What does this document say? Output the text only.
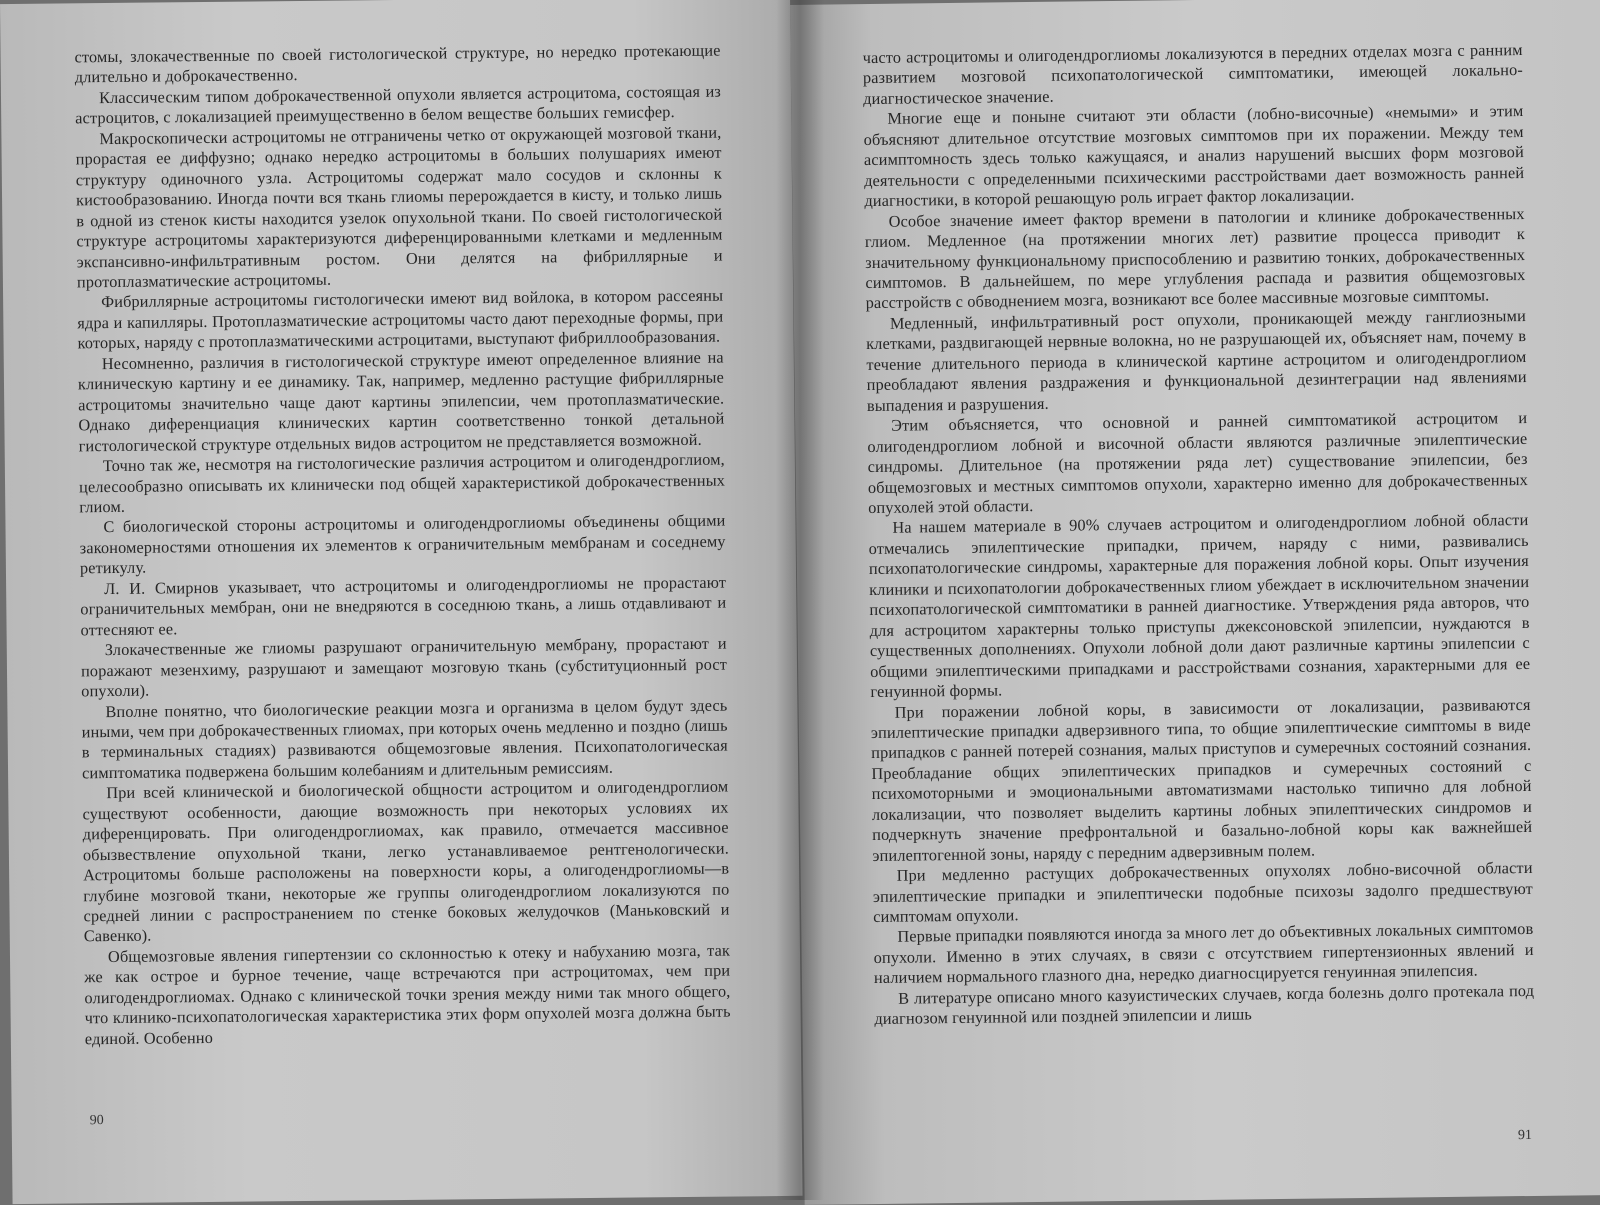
стомы, злокачественные по своей гистологической структуре, но нередко протекающие длительно и доброкачественно.

Классическим типом доброкачественной опухоли является астроцитома, состоящая из астроцитов, с локализацией преимущественно в белом веществе больших гемисфер.

Макроскопически астроцитомы не отграничены четко от окружающей мозговой ткани, прорастая ее диффузно; однако нередко астроцитомы в больших полушариях имеют структуру одиночного узла. Астроцитомы содержат мало сосудов и склонны к кистообразованию. Иногда почти вся ткань глиомы перерождается в кисту, и только лишь в одной из стенок кисты находится узелок опухольной ткани. По своей гистологической структуре астроцитомы характеризуются диференцированными клетками и медленным экспансивно-инфильтративным ростом. Они делятся на фибриллярные и протоплазматические астроцитомы.

Фибриллярные астроцитомы гистологически имеют вид войлока, в котором рассеяны ядра и капилляры. Протоплазматические астроцитомы часто дают переходные формы, при которых, наряду с протоплазматическими астроцитами, выступают фибриллообразования.

Несомненно, различия в гистологической структуре имеют определенное влияние на клиническую картину и ее динамику. Так, например, медленно растущие фибриллярные астроцитомы значительно чаще дают картины эпилепсии, чем протоплазматические. Однако диференциация клинических картин соответственно тонкой детальной гистологической структуре отдельных видов астроцитом не представляется возможной.

Точно так же, несмотря на гистологические различия астроцитом и олигодендроглиом, целесообразно описывать их клинически под общей характеристикой доброкачественных глиом.

С биологической стороны астроцитомы и олигодендроглиомы объединены общими закономерностями отношения их элементов к ограничительным мембранам и соседнему ретикулу.

Л. И. Смирнов указывает, что астроцитомы и олигодендроглиомы не прорастают ограничительных мембран, они не внедряются в соседнюю ткань, а лишь отдавливают и оттесняют ее.

Злокачественные же глиомы разрушают ограничительную мембрану, прорастают и поражают мезенхиму, разрушают и замещают мозговую ткань (субституционный рост опухоли).

Вполне понятно, что биологические реакции мозга и организма в целом будут здесь иными, чем при доброкачественных глиомах, при которых очень медленно и поздно (лишь в терминальных стадиях) развиваются общемозговые явления. Психопатологическая симптоматика подвержена большим колебаниям и длительным ремиссиям.

При всей клинической и биологической общности астроцитом и олигодендроглиом существуют особенности, дающие возможность при некоторых условиях их диференцировать. При олигодендроглиомах, как правило, отмечается массивное обызвествление опухольной ткани, легко устанавливаемое рентгенологически. Астроцитомы больше расположены на поверхности коры, а олигодендроглиомы—в глубине мозговой ткани, некоторые же группы олигодендроглиом локализуются по средней линии с распространением по стенке боковых желудочков (Маньковский и Савенко).

Общемозговые явления гипертензии со склонностью к отеку и набуханию мозга, так же как острое и бурное течение, чаще встречаются при астроцитомах, чем при олигодендроглиомах. Однако с клинической точки зрения между ними так много общего, что клинико-психопатологическая характеристика этих форм опухолей мозга должна быть единой. Особенно

90

часто астроцитомы и олигодендроглиомы локализуются в передних отделах мозга с ранним развитием мозговой психопатологической симптоматики, имеющей локально- диагностическое значение.

Многие еще и поныне считают эти области (лобно-височные) «немыми» и этим объясняют длительное отсутствие мозговых симптомов при их поражении. Между тем асимптомность здесь только кажущаяся, и анализ нарушений высших форм мозговой деятельности с определенными психическими расстройствами дает возможность ранней диагностики, в которой решающую роль играет фактор локализации.

Особое значение имеет фактор времени в патологии и клинике доброкачественных глиом. Медленное (на протяжении многих лет) развитие процесса приводит к значительному функциональному приспособлению и развитию тонких, доброкачественных симптомов. В дальнейшем, по мере углубления распада и развития общемозговых расстройств с обводнением мозга, возникают все более массивные мозговые симптомы.

Медленный, инфильтративный рост опухоли, проникающей между ганглиозными клетками, раздвигающей нервные волокна, но не разрушающей их, объясняет нам, почему в течение длительного периода в клинической картине астроцитом и олигодендроглиом преобладают явления раздражения и функциональной дезинтеграции над явлениями выпадения и разрушения.

Этим объясняется, что основной и ранней симптоматикой астроцитом и олигодендроглиом лобной и височной области являются различные эпилептические синдромы. Длительное (на протяжении ряда лет) существование эпилепсии, без общемозговых и местных симптомов опухоли, характерно именно для доброкачественных опухолей этой области.

На нашем материале в 90% случаев астроцитом и олигодендроглиом лобной области отмечались эпилептические припадки, причем, наряду с ними, развивались психопатологические синдромы, характерные для поражения лобной коры. Опыт изучения клиники и психопатологии доброкачественных глиом убеждает в исключительном значении психопатологической симптоматики в ранней диагностике. Утверждения ряда авторов, что для астроцитом характерны только приступы джексоновской эпилепсии, нуждаются в существенных дополнениях. Опухоли лобной доли дают различные картины эпилепсии с общими эпилептическими припадками и расстройствами сознания, характерными для ее генуинной формы.

При поражении лобной коры, в зависимости от локализации, развиваются эпилептические припадки адверзивного типа, то общие эпилептические симптомы в виде припадков с ранней потерей сознания, малых приступов и сумеречных состояний сознания. Преобладание общих эпилептических припадков и сумеречных состояний с психомоторными и эмоциональными автоматизмами настолько типично для лобной локализации, что позволяет выделить картины лобных эпилептических синдромов и подчеркнуть значение префронтальной и базально-лобной коры как важнейшей эпилептогенной зоны, наряду с передним адверзивным полем.

При медленно растущих доброкачественных опухолях лобно-височной области эпилептические припадки и эпилептически подобные психозы задолго предшествуют симптомам опухоли.

Первые припадки появляются иногда за много лет до объективных локальных симптомов опухоли. Именно в этих случаях, в связи с отсутствием гипертензионных явлений и наличием нормального глазного дна, нередко диагносцируется генуинная эпилепсия.

В литературе описано много казуистических случаев, когда болезнь долго протекала под диагнозом генуинной или поздней эпилепсии и лишь

91
